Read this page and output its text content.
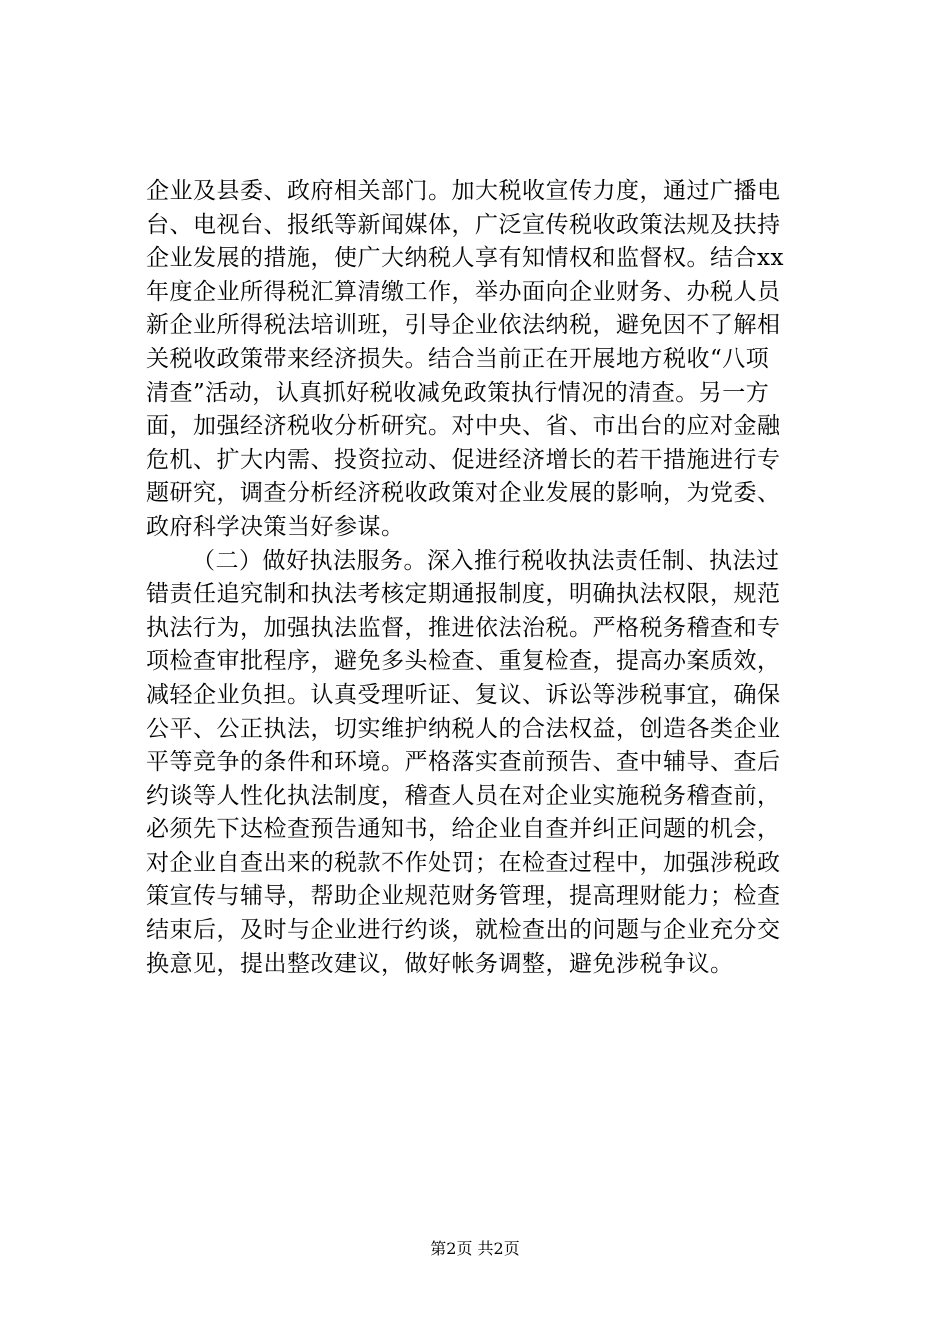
企业及县委、政府相关部门。加大税收宣传力度，通过广播电
台、电视台、报纸等新闻媒体，广泛宣传税收政策法规及扶持
企业发展的措施，使广大纳税人享有知情权和监督权。结合xx
年度企业所得税汇算清缴工作，举办面向企业财务、办税人员
新企业所得税法培训班，引导企业依法纳税，避免因不了解相
关税收政策带来经济损失。结合当前正在开展地方税收“八项
清查”活动，认真抓好税收减免政策执行情况的清查。另一方
面，加强经济税收分析研究。对中央、省、市出台的应对金融
危机、扩大内需、投资拉动、促进经济增长的若干措施进行专
题研究，调查分析经济税收政策对企业发展的影响，为党委、
政府科学决策当好参谋。
（二）做好执法服务。深入推行税收执法责任制、执法过
错责任追究制和执法考核定期通报制度，明确执法权限，规范
执法行为，加强执法监督，推进依法治税。严格税务稽查和专
项检查审批程序，避免多头检查、重复检查，提高办案质效，
减轻企业负担。认真受理听证、复议、诉讼等涉税事宜，确保
公平、公正执法，切实维护纳税人的合法权益，创造各类企业
平等竞争的条件和环境。严格落实查前预告、查中辅导、查后
约谈等人性化执法制度，稽查人员在对企业实施税务稽查前，
必须先下达检查预告通知书，给企业自查并纠正问题的机会，
对企业自查出来的税款不作处罚；在检查过程中，加强涉税政
策宣传与辅导，帮助企业规范财务管理，提高理财能力；检查
结束后，及时与企业进行约谈，就检查出的问题与企业充分交
换意见，提出整改建议，做好帐务调整，避免涉税争议。
第2页 共2页
